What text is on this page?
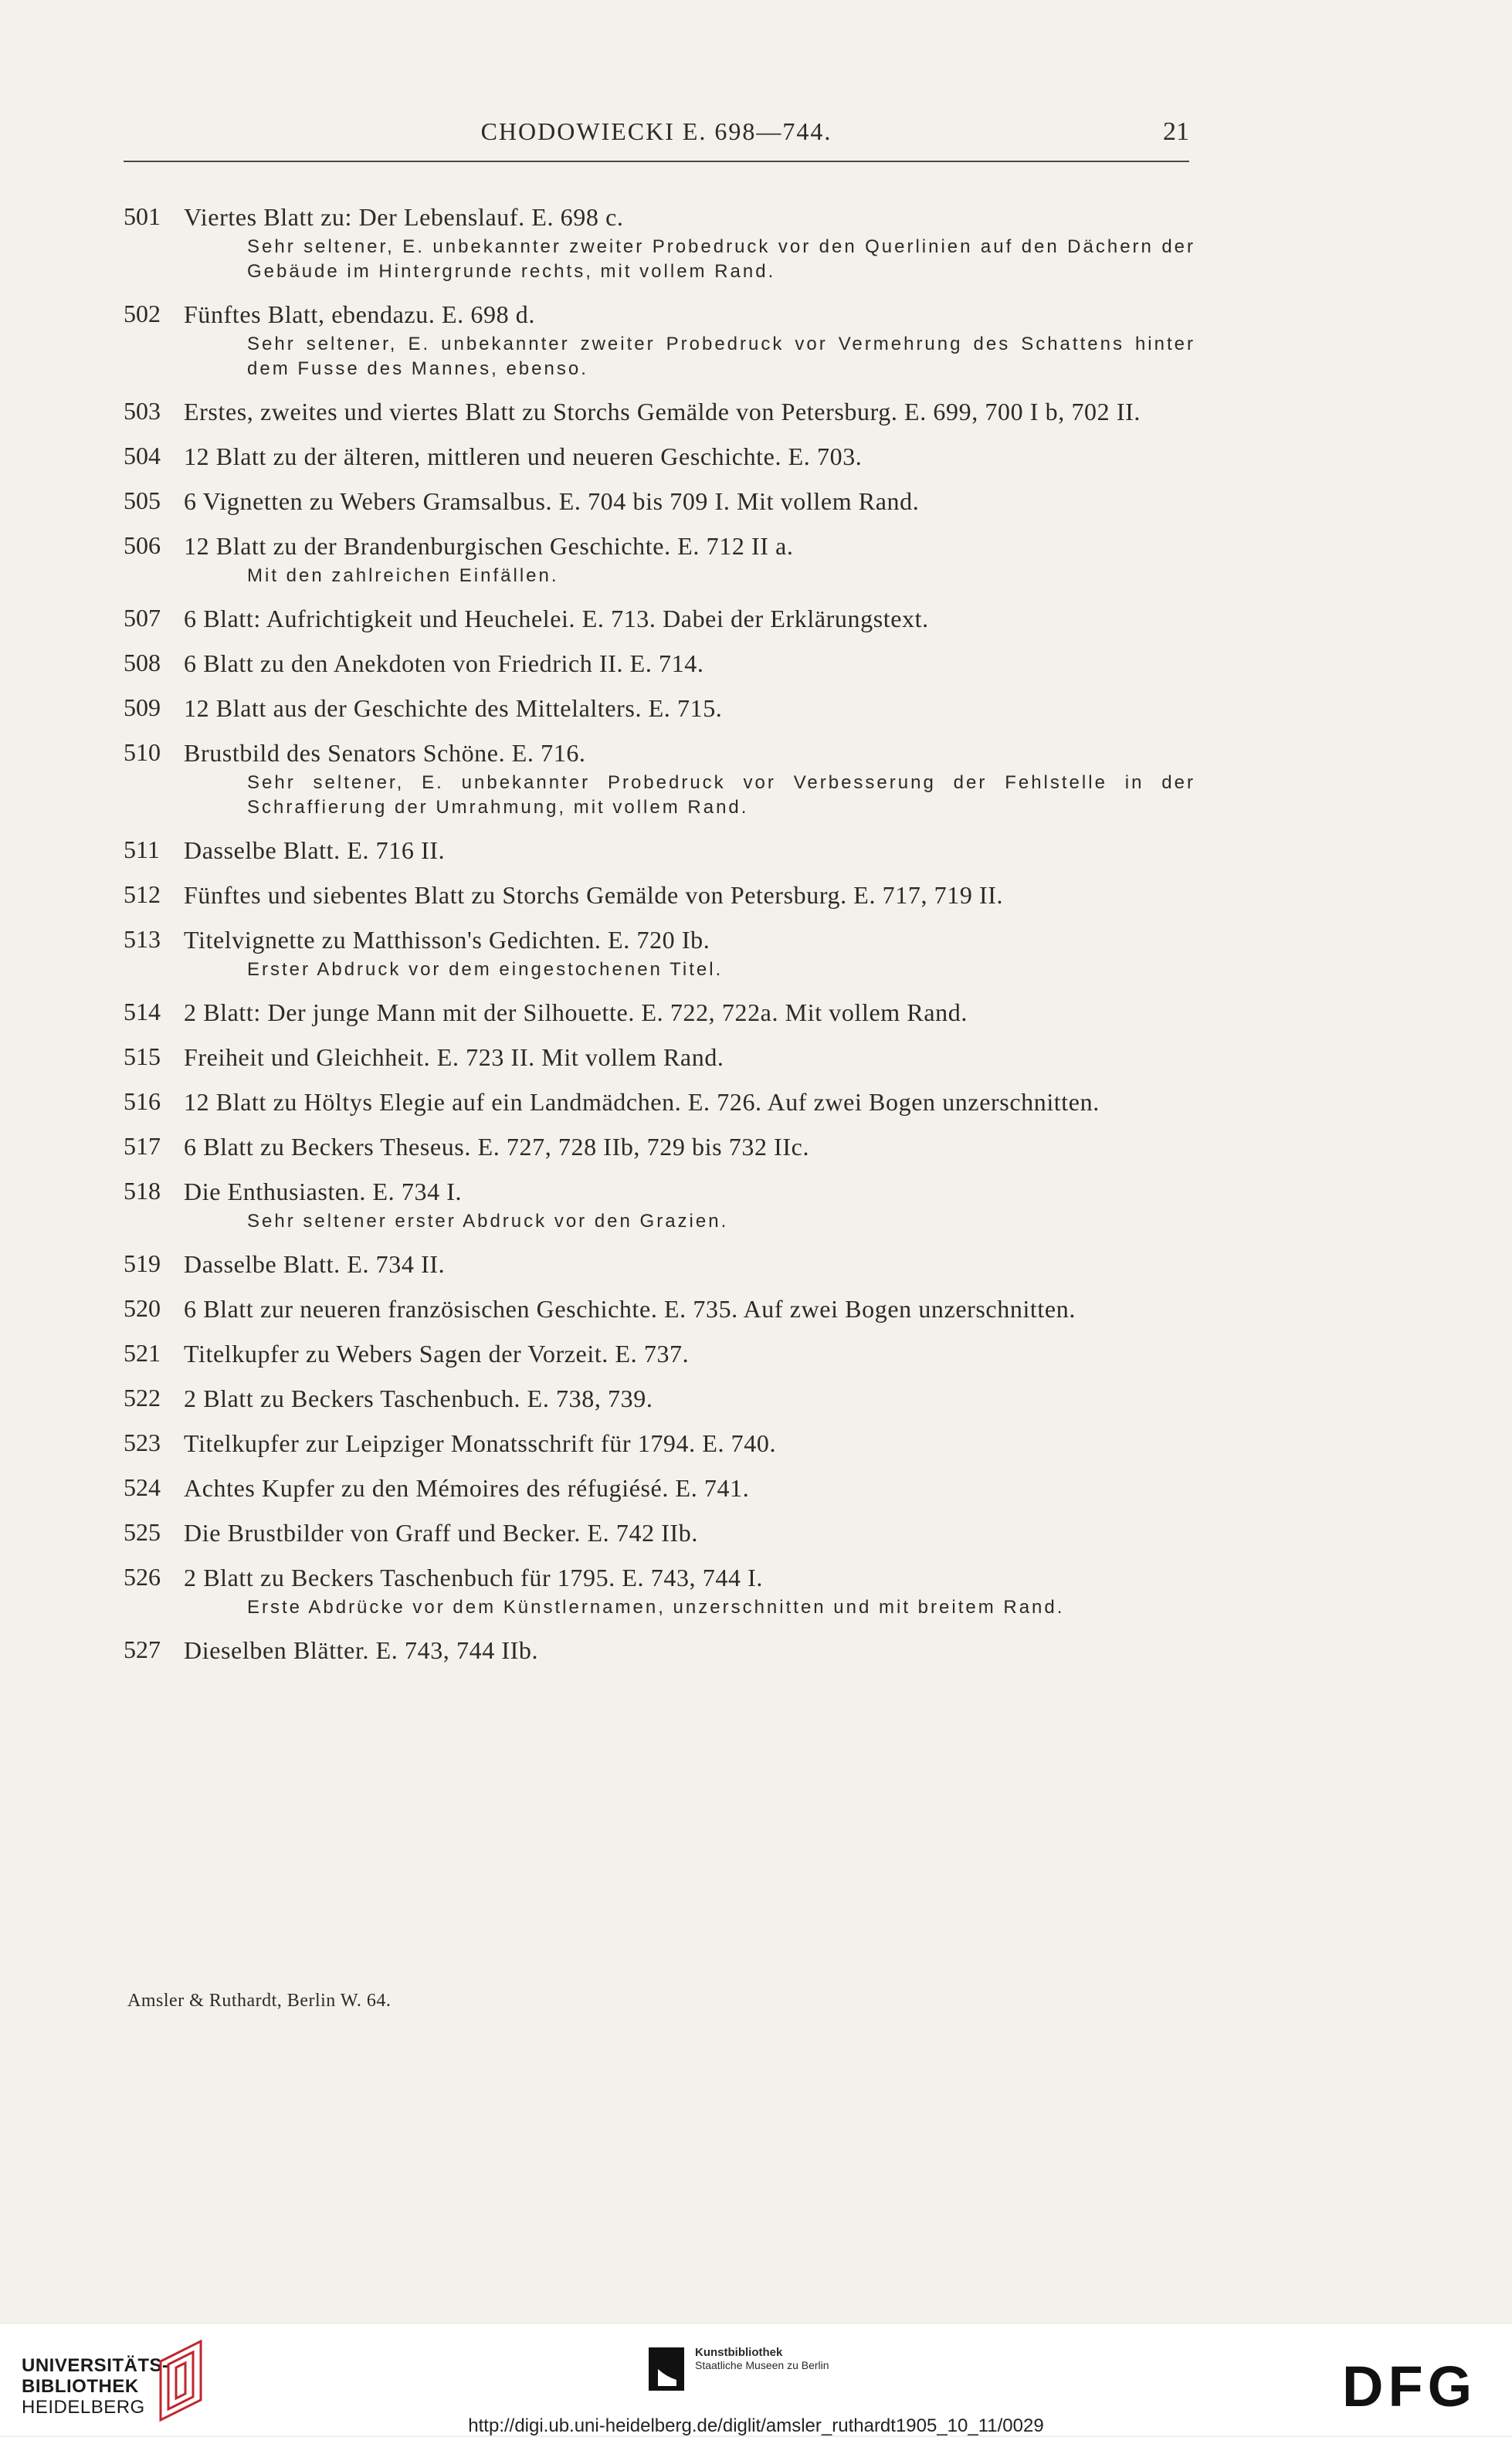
CHODOWIECKI E. 698—744.	21
501 Viertes Blatt zu: Der Lebenslauf. E. 698 c.
Sehr seltener, E. unbekannter zweiter Probedruck vor den Querlinien auf den Dächern der Gebäude im Hintergrunde rechts, mit vollem Rand.
502 Fünftes Blatt, ebendazu. E. 698 d.
Sehr seltener, E. unbekannter zweiter Probedruck vor Vermehrung des Schattens hinter dem Fusse des Mannes, ebenso.
503 Erstes, zweites und viertes Blatt zu Storchs Gemälde von Petersburg. E. 699, 700 I b, 702 II.
504 12 Blatt zu der älteren, mittleren und neueren Geschichte. E. 703.
505 6 Vignetten zu Webers Gramsalbus. E. 704 bis 709 I. Mit vollem Rand.
506 12 Blatt zu der Brandenburgischen Geschichte. E. 712 II a.
Mit den zahlreichen Einfällen.
507 6 Blatt: Aufrichtigkeit und Heuchelei. E. 713. Dabei der Erklärungstext.
508 6 Blatt zu den Anekdoten von Friedrich II. E. 714.
509 12 Blatt aus der Geschichte des Mittelalters. E. 715.
510 Brustbild des Senators Schöne. E. 716.
Sehr seltener, E. unbekannter Probedruck vor Verbesserung der Fehlstelle in der Schraffierung der Umrahmung, mit vollem Rand.
511 Dasselbe Blatt. E. 716 II.
512 Fünftes und siebentes Blatt zu Storchs Gemälde von Petersburg. E. 717, 719 II.
513 Titelvignette zu Matthisson's Gedichten. E. 720 Ib.
Erster Abdruck vor dem eingestochenen Titel.
514 2 Blatt: Der junge Mann mit der Silhouette. E. 722, 722a. Mit vollem Rand.
515 Freiheit und Gleichheit. E. 723 II. Mit vollem Rand.
516 12 Blatt zu Höltys Elegie auf ein Landmädchen. E. 726. Auf zwei Bogen unzerschnitten.
517 6 Blatt zu Beckers Theseus. E. 727, 728 IIb, 729 bis 732 IIc.
518 Die Enthusiasten. E. 734 I.
Sehr seltener erster Abdruck vor den Grazien.
519 Dasselbe Blatt. E. 734 II.
520 6 Blatt zur neueren französischen Geschichte. E. 735. Auf zwei Bogen unzerschnitten.
521 Titelkupfer zu Webers Sagen der Vorzeit. E. 737.
522 2 Blatt zu Beckers Taschenbuch. E. 738, 739.
523 Titelkupfer zur Leipziger Monatsschrift für 1794. E. 740.
524 Achtes Kupfer zu den Mémoires des réfugiésé. E. 741.
525 Die Brustbilder von Graff und Becker. E. 742 IIb.
526 2 Blatt zu Beckers Taschenbuch für 1795. E. 743, 744 I.
Erste Abdrücke vor dem Künstlernamen, unzerschnitten und mit breitem Rand.
527 Dieselben Blätter. E. 743, 744 IIb.
Amsler & Ruthardt, Berlin W. 64.
UNIVERSITÄTS-
BIBLIOTHEK
HEIDELBERG
Kunstbibliothek
Staatliche Museen zu Berlin	DFG
http://digi.ub.uni-heidelberg.de/diglit/amsler_ruthardt1905_10_11/0029
